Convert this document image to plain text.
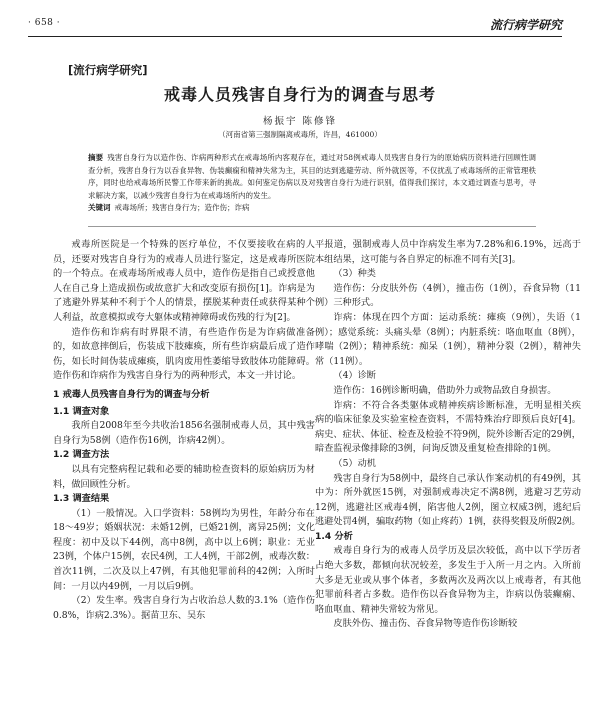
· 658 ·	流行病学研究
[流行病学研究]
戒毒人员残害自身行为的调查与思考
杨振宇 陈修锋
（河南省第三强制隔离戒毒所，许昌，461000）

摘要 残害自身行为以造作伤、诈病两种形式在戒毒场所内客观存在，通过对58例戒毒人员残害自身行为的原始病历资料进行回顾性调查分析，残害自身行为以吞食异物、伪装癫痫和精神失常为主，其目的达到逃避劳动、所外就医等，不仅扰乱了戒毒场所的正常管理秩序，同时也给戒毒场所民警工作带来新的挑战。如何鉴定伤病以及对残害自身行为进行识别，值得我们探讨，本文通过调查与思考，寻求解决方案，以减少残害自身行为在戒毒场所内的发生。

关键词 戒毒场所；残害自身行为；造作伤；诈病

戒毒所医院是一个特殊的医疗单位，不仅要接收在病的人员，还要对残害自身行为的戒毒人员进行鉴定，这是戒毒所医院的一个特点。在戒毒场所戒毒人员中，造作伤是指自己或授意他人在自己身上造成损伤或故意扩大和改变原有损伤[1]。诈病是为了逃避外界某种不利于个人的情景，摆脱某种责任或获得某种个人利益，故意模拟或夸大躯体或精神障碍或伤残的行为[2]。

造作伤和诈病有时界限不清，有些造作伤是为诈病做准备的，如故意摔倒后，伤装成下肢瘫痪，所有些诈病最后成了造作伤，如长时间伪装成瘫痪，肌肉废用性萎缩导致肢体功能障碍。造作伤和诈病作为残害自身行为的两种形式，本文一并讨论。

1 戒毒人员残害自身行为的调查与分析
1.1 调查对象

我所自2008年至今共收治1856名强制戒毒人员，其中残害自身行为58例（造作伤16例，诈病42例）。

1.2 调查方法

以具有完整病程记载和必要的辅助检查资料的原始病历为材料，做回顾性分析。

1.3 调查结果

（1）一般情况。入口学资料：58例均为男性，年龄分布在18～49岁；婚姻状况：未婚12例，已婚21例，离异25例；文化程度：初中及以下44例，高中8例，高中以上6例；职业：无业23例，个体户15例，农民4例，工人4例，干部2例，戒毒次数：首次11例，二次及以上47例，有其他犯罪前科的42例；入所时间：一月以内49例，一月以后9例。

（2）发生率。残害自身行为占收治总人数的3.1%（造作伤0.8%，诈病2.3%）。据苗卫东、吴东

平报道，强制戒毒人员中诈病发生率为7.28%和6.19%，远高于本组结果，这可能与各自界定的标准不同有关[3]。

（3）种类

造作伤：分皮肤外伤（4例），撞击伤（1例），吞食异物（11例）三种形式。

诈病：体现在四个方面：运动系统：瘫痪（9例），失语（1例）；感觉系统：头痛头晕（8例）；内脏系统：咯血呕血（8例），哮喘（2例）；精神系统：痴呆（1例），精神分裂（2例），精神失常（11例）。

（4）诊断

造作伤：16例诊断明确，借助外力或物品致自身损害。

诈病：不符合各类躯体或精神疾病诊断标准，无明显相关疾病的临床征象及实验室检查资料，不需特殊治疗即预后良好[4]。病史、症状、体征、检查及检验不符9例，院外诊断否定的29例，暗查监视录像排除的3例，问询反馈及重复检查排除的1例。

（5）动机

残害自身行为58例中，最终自己承认作案动机的有49例，其中为：所外就医15例，对强制戒毒决定不满8例，逃避习艺劳动12例，逃避社区戒毒4例，陷害他人2例，图立权威3例，逃纪后逃避处罚4例，骗取药物（如止疼药）1例，获得奖假及所假2例。

1.4 分析

戒毒自身行为的戒毒人员学历及层次较低，高中以下学历者占绝大多数，都倾向状况较差，多发生于入所一月之内。入所前大多是无业或从事个体者，多数两次及两次以上戒毒者，有其他犯罪前科者占多数。造作伤以吞食异物为主，诈病以伪装癫痫、咯血呕血、精神失常较为常见。

皮肤外伤、撞击伤、吞食异物等造作伤诊断较
